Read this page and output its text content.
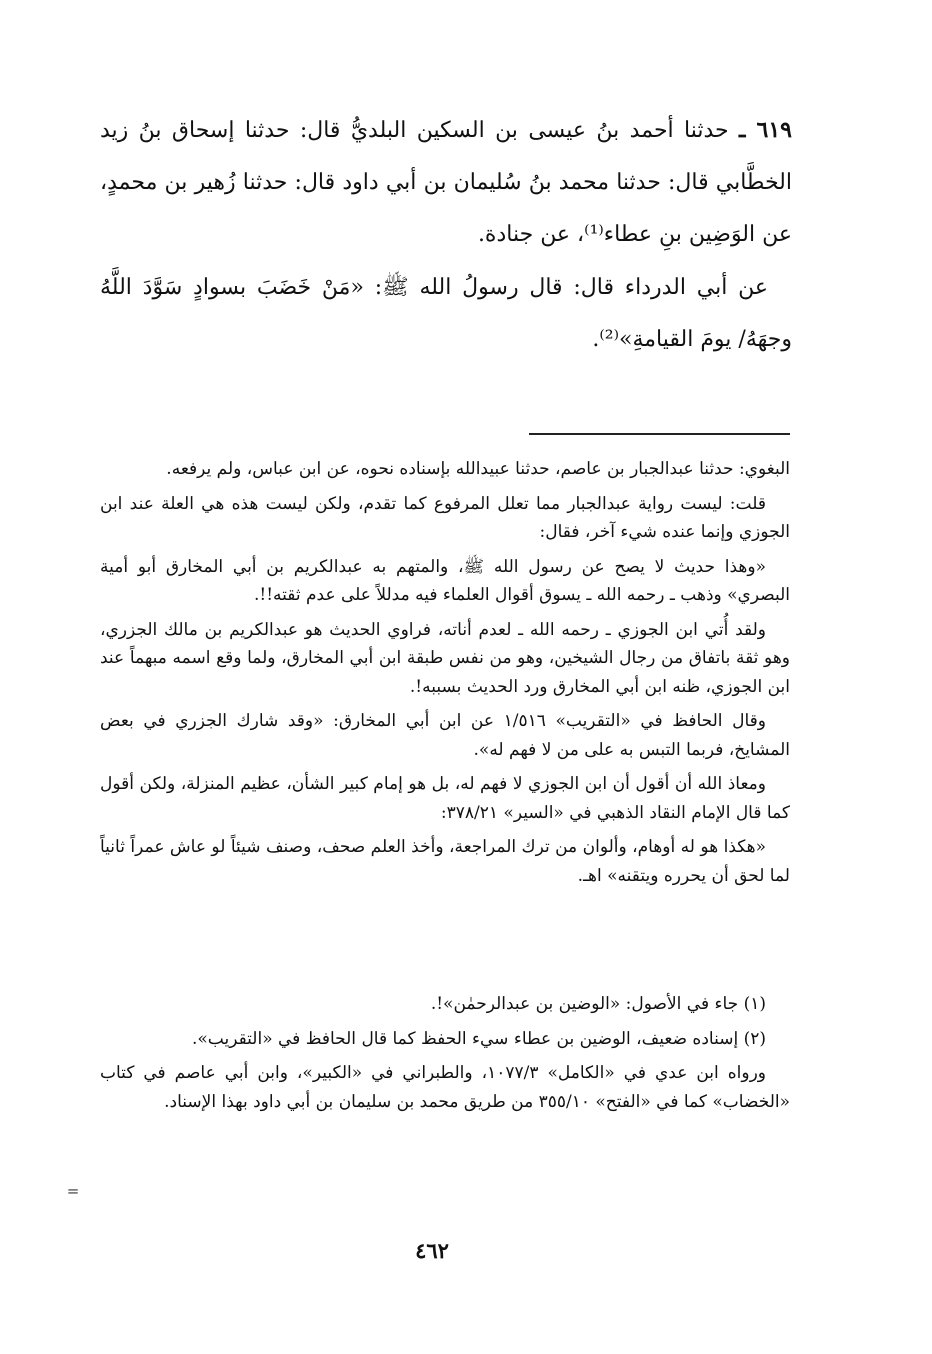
٦١٩ ـ حدثنا أحمد بنُ عيسى بن السكين البلديُّ قال: حدثنا إسحاق بنُ زيد الخطَّابي قال: حدثنا محمد بنُ سُليمان بن أبي داود قال: حدثنا زُهير بن محمدٍ، عن الوَضِين بنِ عطاء⁽¹⁾، عن جنادة.

عن أبي الدرداء قال: قال رسولُ الله ﷺ: «مَنْ خَضَبَ بسوادٍ سَوَّدَ اللَّهُ وجهَهُ/ يومَ القيامةِ»⁽²⁾.

البغوي: حدثنا عبدالجبار بن عاصم، حدثنا عبيدالله بإسناده نحوه، عن ابن عباس، ولم يرفعه.

قلت: ليست رواية عبدالجبار مما تعلل المرفوع كما تقدم، ولكن ليست هذه هي العلة عند ابن الجوزي وإنما عنده شيء آخر، فقال:

«وهذا حديث لا يصح عن رسول الله ﷺ، والمتهم به عبدالكريم بن أبي المخارق أبو أمية البصري» وذهب ـ رحمه الله ـ يسوق أقوال العلماء فيه مدللاً على عدم ثقته!!.

ولقد أُتي ابن الجوزي ـ رحمه الله ـ لعدم أناته، فراوي الحديث هو عبدالكريم بن مالك الجزري، وهو ثقة باتفاق من رجال الشيخين، وهو من نفس طبقة ابن أبي المخارق، ولما وقع اسمه مبهماً عند ابن الجوزي، ظنه ابن أبي المخارق ورد الحديث بسببه!.

وقال الحافظ في «التقريب» ١/٥١٦ عن ابن أبي المخارق: «وقد شارك الجزري في بعض المشايخ، فربما التبس به على من لا فهم له».

ومعاذ الله أن أقول أن ابن الجوزي لا فهم له، بل هو إمام كبير الشأن، عظيم المنزلة، ولكن أقول كما قال الإمام النقاد الذهبي في «السير» ٣٧٨/٢١:

«هكذا هو له أوهام، وألوان من ترك المراجعة، وأخذ العلم صحف، وصنف شيئاً لو عاش عمراً ثانياً لما لحق أن يحرره ويتقنه» اهـ.

(١) جاء في الأصول: «الوضين بن عبدالرحمٰن»!.

(٢) إسناده ضعيف، الوضين بن عطاء سيء الحفظ كما قال الحافظ في «التقريب».

ورواه ابن عدي في «الكامل» ١٠٧٧/٣، والطبراني في «الكبير»، وابن أبي عاصم في كتاب «الخضاب» كما في «الفتح» ٣٥٥/١٠ من طريق محمد بن سليمان بن أبي داود بهذا الإسناد.

=
٤٦٢
